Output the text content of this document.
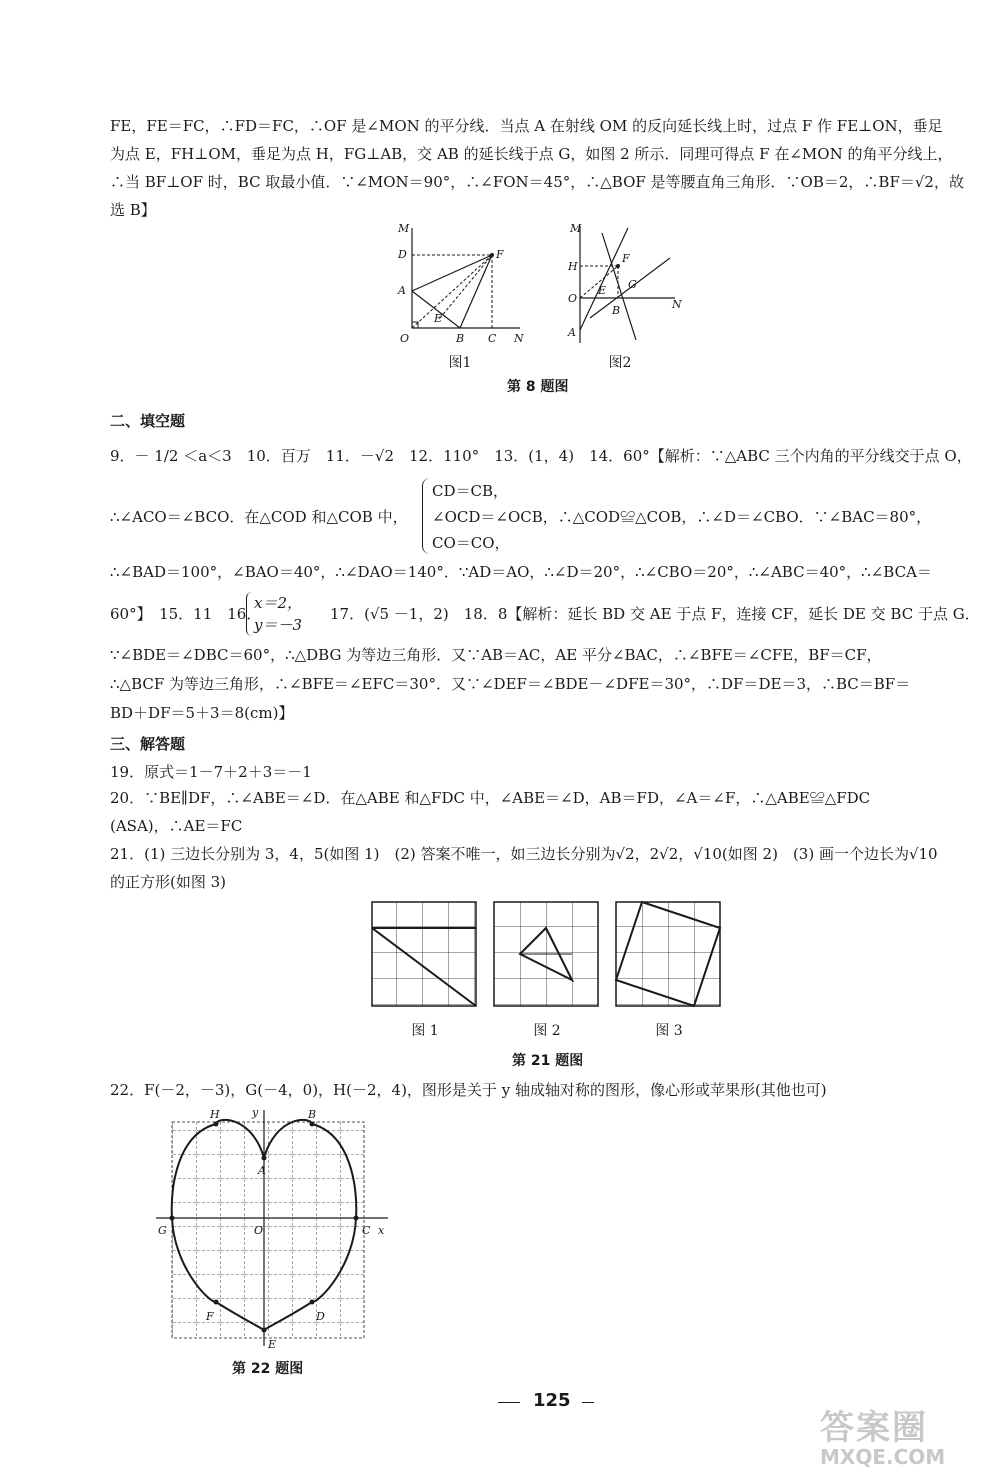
FE，FE＝FC，∴FD＝FC，∴OF 是∠MON 的平分线．当点 A 在射线 OM 的反向延长线上时，过点 F 作 FE⊥ON，垂足
为点 E，FH⊥OM，垂足为点 H，FG⊥AB，交 AB 的延长线于点 G，如图 2 所示．同理可得点 F 在∠MON 的角平分线上，
∴当 BF⊥OF 时，BC 取最小值．∵∠MON＝90°，∴∠FON＝45°，∴△BOF 是等腰直角三角形．∵OB＝2，∴BF＝√2，故
选 B】
M
D	F
A
E
O	B C N
M
H
F
G
O
E
B	N
A
图1	图2
第 8 题图
二、填空题
9．－ 1/2 ＜a＜3　10．百万　11．－√2　12．110°　13．(1，4)　14．60°【解析：∵△ABC 三个内角的平分线交于点 O，
∴∠ACO＝∠BCO．在△COD 和△COB 中，
CD＝CB，
∠OCD＝∠OCB，∴△COD≌△COB，∴∠D＝∠CBO．∵∠BAC＝80°，
CO＝CO，
∴∠BAD＝100°，∠BAO＝40°，∴∠DAO＝140°．∵AD＝AO，∴∠D＝20°，∴∠CBO＝20°，∴∠ABC＝40°，∴∠BCA＝
60°】　15．11　16．
x＝2，
y＝－3
17．(√5 －1，2)　18．8【解析：延长 BD 交 AE 于点 F，连接 CF，延长 DE 交 BC 于点 G．
∵∠BDE＝∠DBC＝60°，∴△DBG 为等边三角形．又∵AB＝AC，AE 平分∠BAC，∴∠BFE＝∠CFE，BF＝CF，
∴△BCF 为等边三角形，∴∠BFE＝∠EFC＝30°．又∵∠DEF＝∠BDE－∠DFE＝30°，∴DF＝DE＝3，∴BC＝BF＝
BD＋DF＝5＋3＝8(cm)】
三、解答题
19．原式＝1－7＋2＋3＝－1
20．∵BE∥DF，∴∠ABE＝∠D．在△ABE 和△FDC 中，∠ABE＝∠D，AB＝FD，∠A＝∠F，∴△ABE≌△FDC
(ASA)，∴AE＝FC
21．(1) 三边长分别为 3，4，5(如图 1)　(2) 答案不唯一，如三边长分别为√2，2√2，√10(如图 2)　(3) 画一个边长为√10
的正方形(如图 3)
图 1	图 2	图 3
第 21 题图
22．F(－2，－3)，G(－4，0)，H(－2，4)，图形是关于 y 轴成轴对称的图形，像心形或苹果形(其他也可)
y
H	B
A
G	O	C x
F	D
E
第 22 题图
125
答案圈
MXQE.COM
